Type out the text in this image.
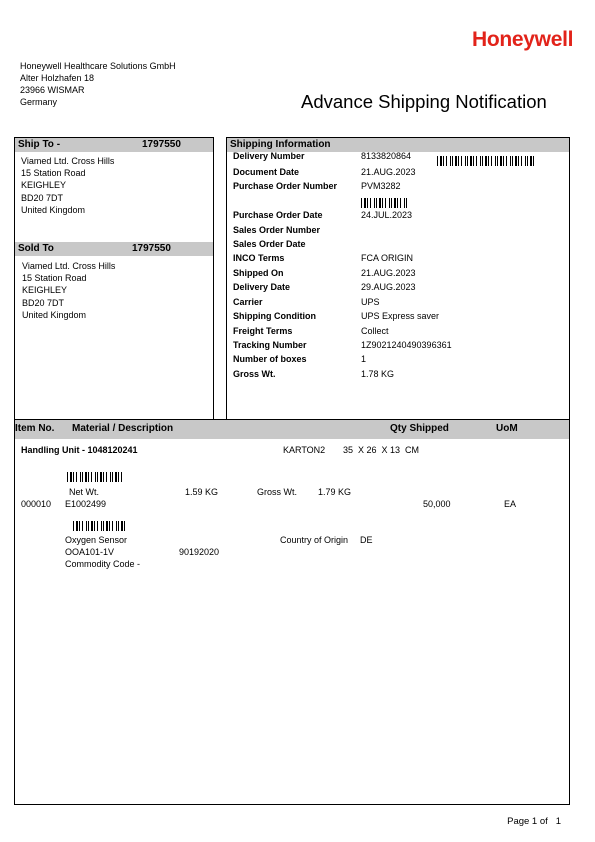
Honeywell
Honeywell Healthcare Solutions GmbH
Alter Holzhafen 18
23966 WISMAR
Germany	Advance Shipping Notification
Ship To -	1797550
Viamed Ltd. Cross Hills
15 Station Road
KEIGHLEY
BD20 7DT
United Kingdom
Sold To	1797550
Viamed Ltd. Cross Hills
15 Station Road
KEIGHLEY
BD20 7DT
United Kingdom
Shipping Information
Delivery Number	8133820864
Document Date	21.AUG.2023
Purchase Order Number	PVM3282
Purchase Order Date	24.JUL.2023
Sales Order Number
Sales Order Date
INCO Terms	FCA ORIGIN
Shipped On	21.AUG.2023
Delivery Date	29.AUG.2023
Carrier	UPS
Shipping Condition	UPS Express saver
Freight Terms	Collect
Tracking Number	1Z9021240490396361
Number of boxes	1
Gross Wt.	1.78 KG
Item No. Material / Description	Qty Shipped	UoM
Handling Unit - 1048120241	KARTON2 35  X 26  X 13  CM
Net Wt.	1.59 KG	Gross Wt. 1.79 KG
000010 E1002499	50,000	EA
Oxygen Sensor	Country of Origin DE
OOA101-1V	90192020
Commodity Code -
Page 1 of 1
